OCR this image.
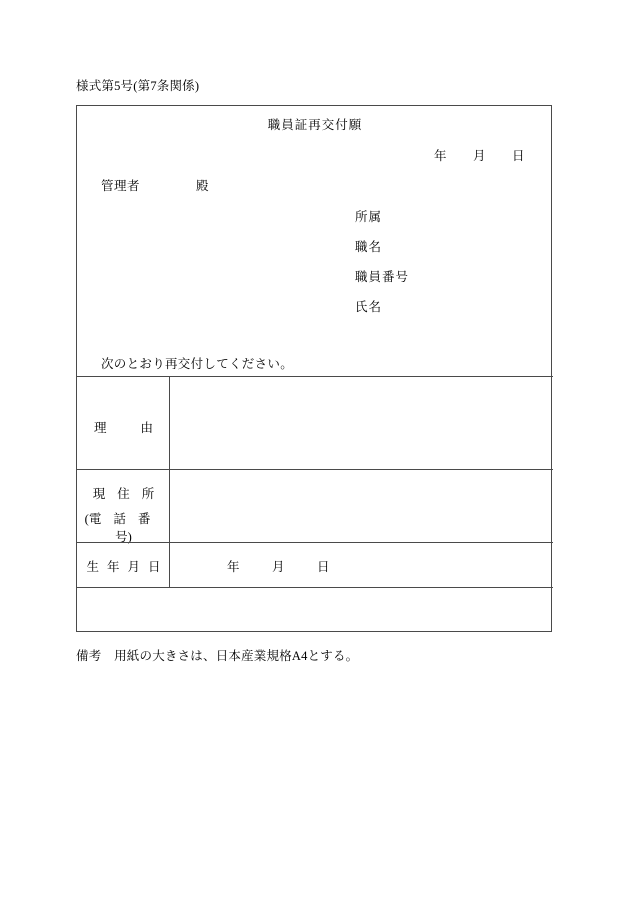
様式第5号(第7条関係)
職員証再交付願
年 月 日
管理者	殿
所属
職名
職員番号
氏名
次のとおり再交付してください。
理	由
現 住 所
(電 話 番号)
生 年 月 日	年	月	日
備考　用紙の大きさは、日本産業規格A4とする。
